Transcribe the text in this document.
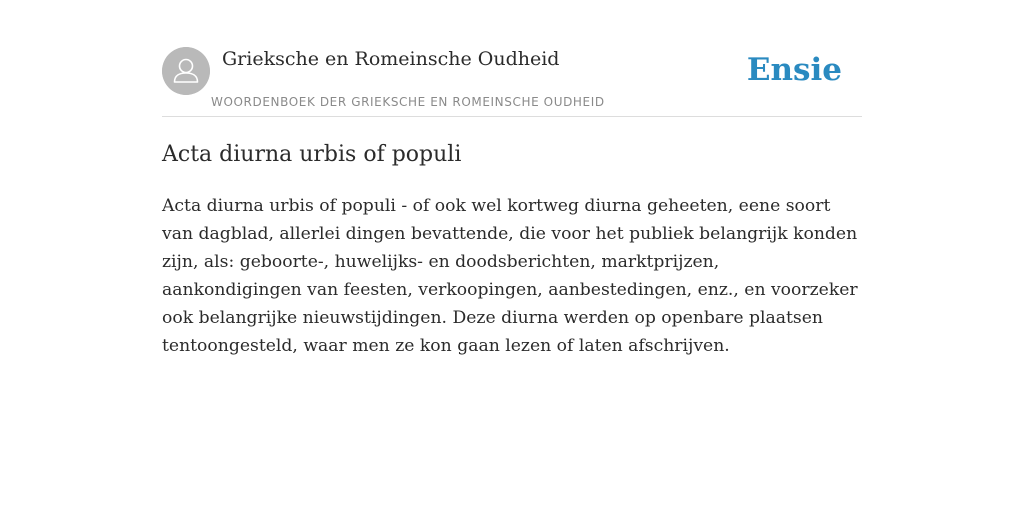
Grieksche en Romeinsche Oudheid
WOORDENBOEK DER GRIEKSCHE EN ROMEINSCHE OUDHEID
Ensie
Acta diurna urbis of populi

Acta diurna urbis of populi - of ook wel kortweg diurna geheeten, eene soort van dagblad, allerlei dingen bevattende, die voor het publiek belangrijk konden zijn, als: geboorte-, huwelijks- en doodsberichten, marktprijzen, aankondigingen van feesten, verkoopingen, aanbestedingen, enz., en voorzeker ook belangrijke nieuwstijdingen. Deze diurna werden op openbare plaatsen tentoongesteld, waar men ze kon gaan lezen of laten afschrijven.
